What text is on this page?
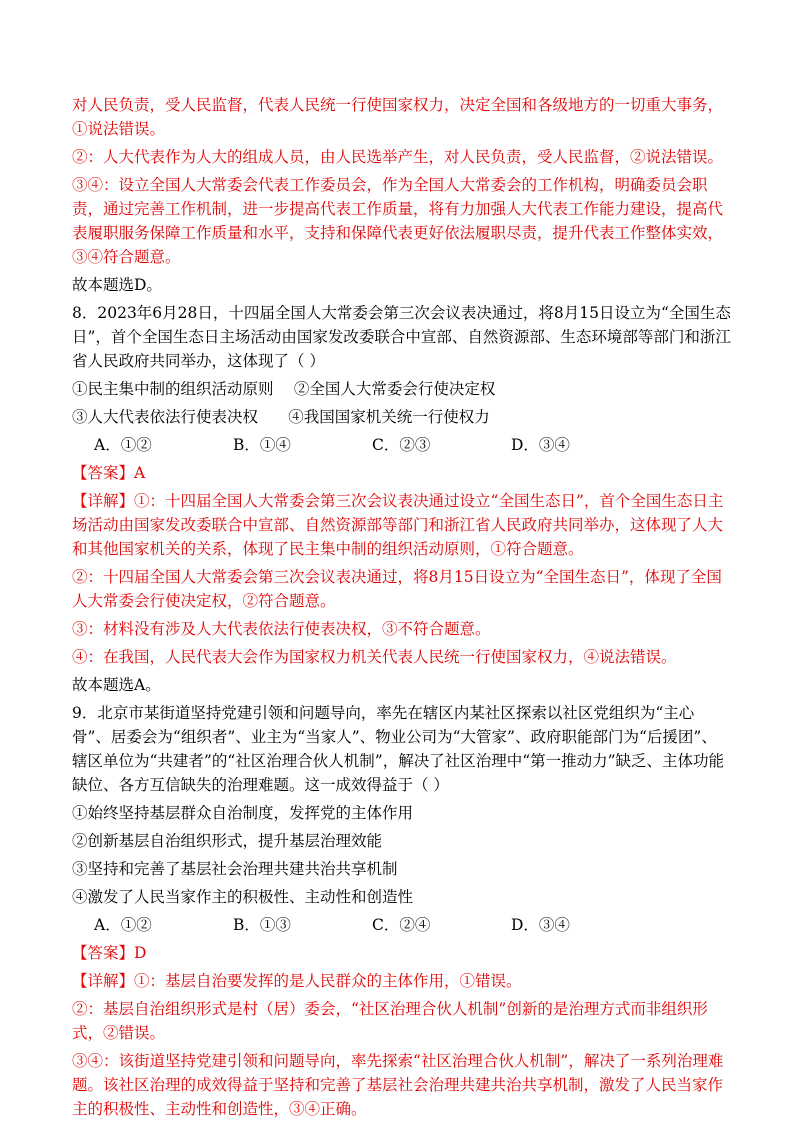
对人民负责，受人民监督，代表人民统一行使国家权力，决定全国和各级地方的一切重大事务，①说法错误。

②：人大代表作为人大的组成人员，由人民选举产生，对人民负责，受人民监督，②说法错误。

③④：设立全国人大常委会代表工作委员会，作为全国人大常委会的工作机构，明确委员会职责，通过完善工作机制，进一步提高代表工作质量，将有力加强人大代表工作能力建设，提高代表履职服务保障工作质量和水平，支持和保障代表更好依法履职尽责，提升代表工作整体实效，③④符合题意。

故本题选D。

8．2023年6月28日，十四届全国人大常委会第三次会议表决通过，将8月15日设立为“全国生态日”，首个全国生态日主场活动由国家发改委联合中宣部、自然资源部、生态环境部等部门和浙江省人民政府共同举办，这体现了（ ）

①民主集中制的组织活动原则　 ②全国人大常委会行使决定权

③人大代表依法行使表决权　   ④我国国家机关统一行使权力

A．①②	B．①④	C．②③	D．③④

【答案】A

【详解】①：十四届全国人大常委会第三次会议表决通过设立“全国生态日”，首个全国生态日主场活动由国家发改委联合中宣部、自然资源部等部门和浙江省人民政府共同举办，这体现了人大和其他国家机关的关系，体现了民主集中制的组织活动原则，①符合题意。

②：十四届全国人大常委会第三次会议表决通过，将8月15日设立为“全国生态日”，体现了全国人大常委会行使决定权，②符合题意。

③：材料没有涉及人大代表依法行使表决权，③不符合题意。

④：在我国，人民代表大会作为国家权力机关代表人民统一行使国家权力，④说法错误。

故本题选A。

9．北京市某街道坚持党建引领和问题导向，率先在辖区内某社区探索以社区党组织为“主心骨”、居委会为“组织者”、业主为“当家人”、物业公司为“大管家”、政府职能部门为“后援团”、辖区单位为“共建者”的“社区治理合伙人机制”，解决了社区治理中“第一推动力”缺乏、主体功能缺位、各方互信缺失的治理难题。这一成效得益于（ ）

①始终坚持基层群众自治制度，发挥党的主体作用

②创新基层自治组织形式，提升基层治理效能

③坚持和完善了基层社会治理共建共治共享机制

④激发了人民当家作主的积极性、主动性和创造性

A．①②	B．①③	C．②④	D．③④

【答案】D

【详解】①：基层自治要发挥的是人民群众的主体作用，①错误。

②：基层自治组织形式是村（居）委会，“社区治理合伙人机制”创新的是治理方式而非组织形式，②错误。

③④：该街道坚持党建引领和问题导向，率先探索“社区治理合伙人机制”，解决了一系列治理难题。该社区治理的成效得益于坚持和完善了基层社会治理共建共治共享机制，激发了人民当家作主的积极性、主动性和创造性，③④正确。
